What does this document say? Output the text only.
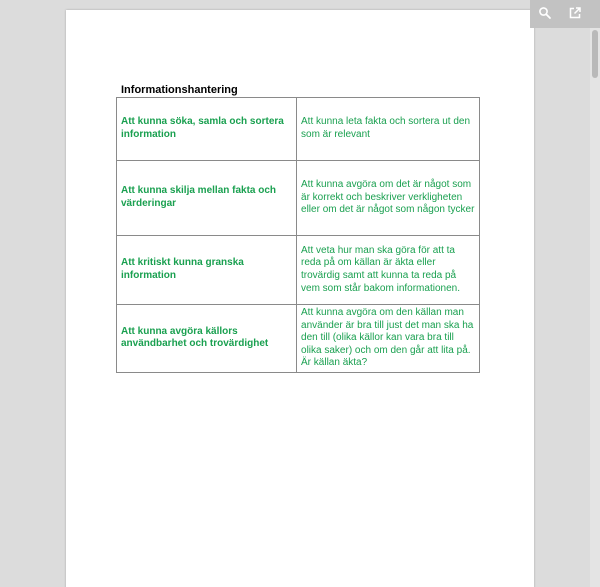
Informationshantering
Att kunna söka, samla och sortera information	Att kunna leta fakta och sortera ut den som är relevant
Att kunna skilja mellan fakta och värderingar	Att kunna avgöra om det är något som är korrekt och beskriver verkligheten eller om det är något som någon tycker
Att kritiskt kunna granska information	Att veta hur man ska göra för att ta reda på om källan är äkta eller trovärdig samt att kunna ta reda på vem som står bakom informationen.
Att kunna avgöra källors användbarhet och trovärdighet	Att kunna avgöra om den källan man använder är bra till just det man ska ha den till (olika källor kan vara bra till olika saker) och om den går att lita på. Är källan äkta?
